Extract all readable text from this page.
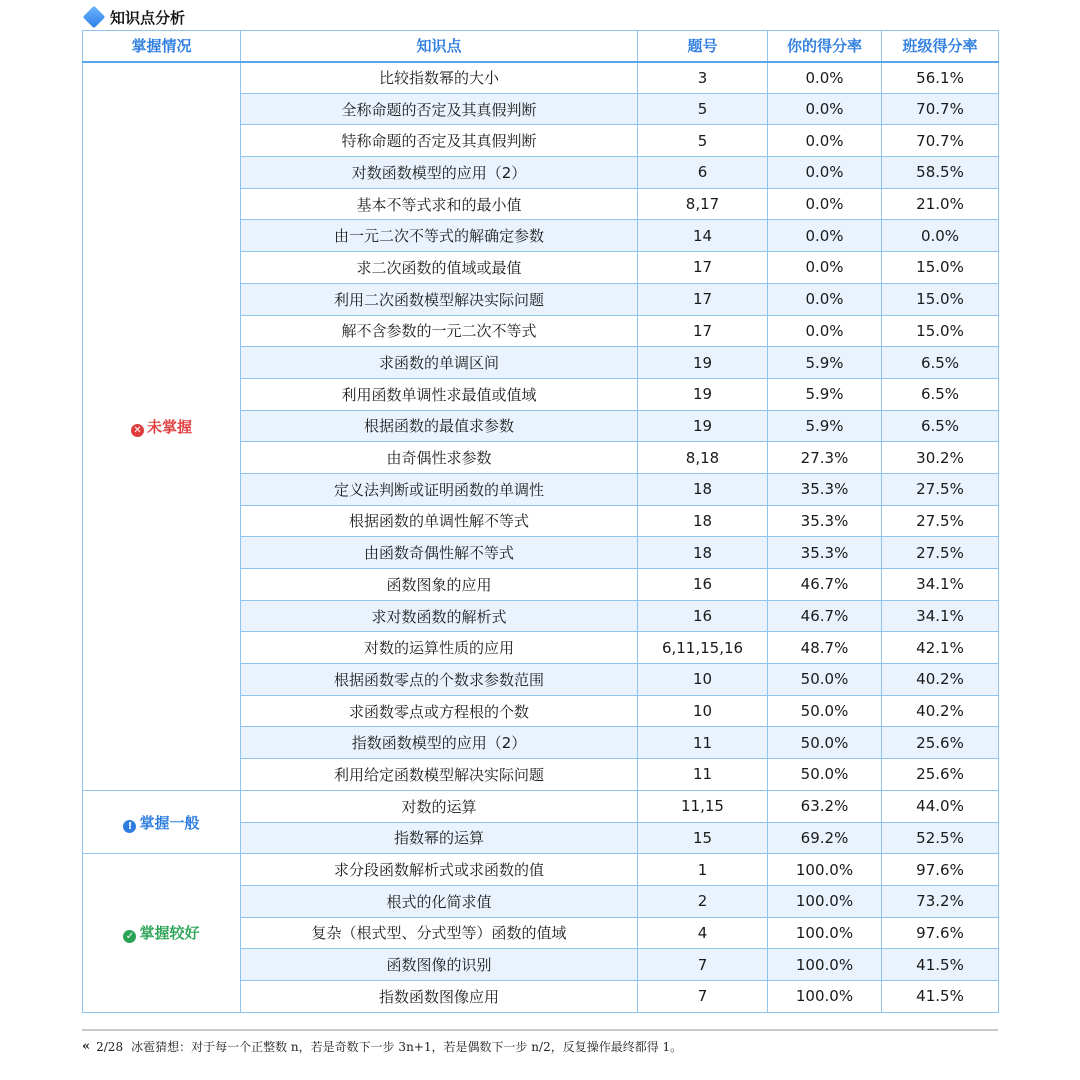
知识点分析
掌握情况	知识点	题号	你的得分率	班级得分率
✕ 未掌握	比较指数幂的大小	3	0.0%	56.1%
	全称命题的否定及其真假判断	5	0.0%	70.7%
	特称命题的否定及其真假判断	5	0.0%	70.7%
	对数函数模型的应用（2）	6	0.0%	58.5%
	基本不等式求和的最小值	8,17	0.0%	21.0%
	由一元二次不等式的解确定参数	14	0.0%	0.0%
	求二次函数的值域或最值	17	0.0%	15.0%
	利用二次函数模型解决实际问题	17	0.0%	15.0%
	解不含参数的一元二次不等式	17	0.0%	15.0%
	求函数的单调区间	19	5.9%	6.5%
	利用函数单调性求最值或值域	19	5.9%	6.5%
	根据函数的最值求参数	19	5.9%	6.5%
	由奇偶性求参数	8,18	27.3%	30.2%
	定义法判断或证明函数的单调性	18	35.3%	27.5%
	根据函数的单调性解不等式	18	35.3%	27.5%
	由函数奇偶性解不等式	18	35.3%	27.5%
	函数图象的应用	16	46.7%	34.1%
	求对数函数的解析式	16	46.7%	34.1%
	对数的运算性质的应用	6,11,15,16	48.7%	42.1%
	根据函数零点的个数求参数范围	10	50.0%	40.2%
	求函数零点或方程根的个数	10	50.0%	40.2%
	指数函数模型的应用（2）	11	50.0%	25.6%
	利用给定函数模型解决实际问题	11	50.0%	25.6%
! 掌握一般	对数的运算	11,15	63.2%	44.0%
	指数幂的运算	15	69.2%	52.5%
✓ 掌握较好	求分段函数解析式或求函数的值	1	100.0%	97.6%
	根式的化简求值	2	100.0%	73.2%
	复杂（根式型、分式型等）函数的值域	4	100.0%	97.6%
	函数图像的识别	7	100.0%	41.5%
	指数函数图像应用	7	100.0%	41.5%
« 2/28 冰雹猜想：对于每一个正整数 n，若是奇数下一步 3n+1，若是偶数下一步 n/2，反复操作最终都得 1。
